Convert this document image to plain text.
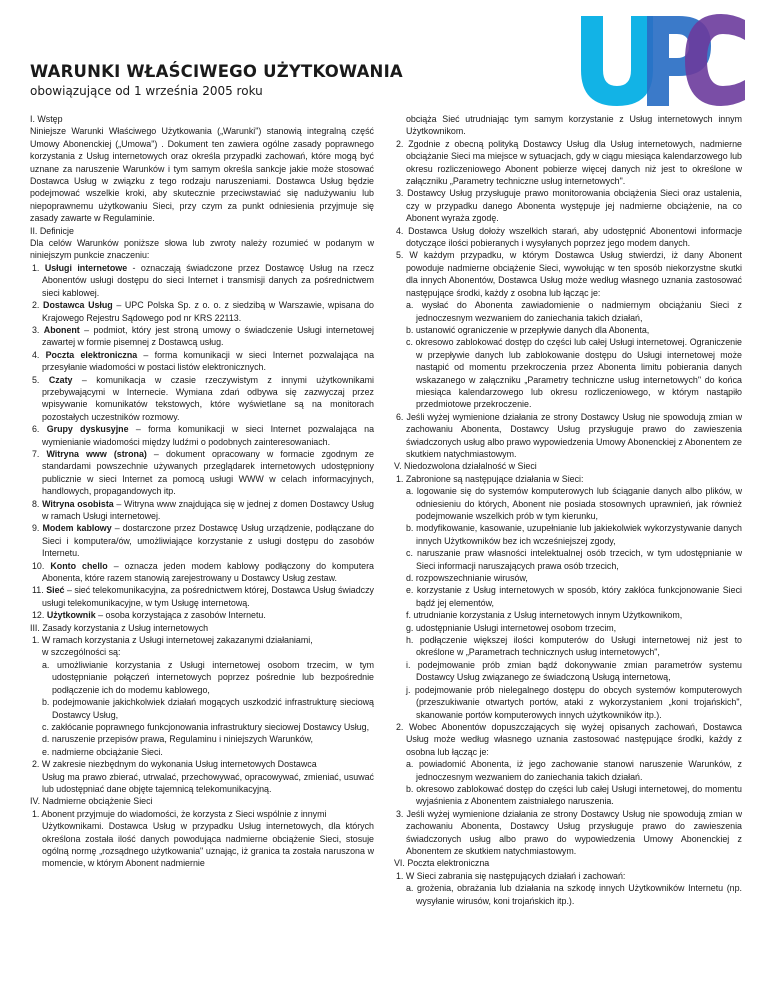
WARUNKI WŁAŚCIWEGO UŻYTKOWANIA

obowiązujące od 1 września 2005 roku

I. Wstęp

Niniejsze Warunki Właściwego Użytkowania („Warunki") stanowią integralną część Umowy Abonenckiej („Umowa") . Dokument ten zawiera ogólne zasady poprawnego korzystania z Usług internetowych oraz określa przypadki zachowań, które mogą być uznane za naruszenie Warunków i tym samym określa sankcje jakie może stosować Dostawca Usług w związku z tego rodzaju naruszeniami. Dostawca Usług będzie podejmować wszelkie kroki, aby skutecznie przeciwstawiać się nadużywaniu lub niepoprawnemu użytkowaniu Sieci, przy czym za punkt odniesienia przyjmuje się zasady zawarte w Regulaminie.

II. Definicje

Dla celów Warunków poniższe słowa lub zwroty należy rozumieć w podanym w niniejszym punkcie znaczeniu:

1. Usługi internetowe - oznaczają świadczone przez Dostawcę Usług na rzecz Abonentów usługi dostępu do sieci Internet i transmisji danych za pośrednictwem sieci kablowej.

2. Dostawca Usług – UPC Polska Sp. z o. o. z siedzibą w Warszawie, wpisana do Krajowego Rejestru Sądowego pod nr KRS 22113.

3. Abonent – podmiot, który jest stroną umowy o świadczenie Usługi internetowej zawartej w formie pisemnej z Dostawcą usług.

4. Poczta elektroniczna – forma komunikacji w sieci Internet pozwalająca na przesyłanie wiadomości w postaci listów elektronicznych.

5. Czaty – komunikacja w czasie rzeczywistym z innymi użytkownikami przebywającymi w Internecie. Wymiana zdań odbywa się zazwyczaj przez wpisywanie komunikatów tekstowych, które wyświetlane są na monitorach pozostałych uczestników rozmowy.

6. Grupy dyskusyjne – forma komunikacji w sieci Internet pozwalająca na wymienianie wiadomości między ludźmi o podobnych zainteresowaniach.

7. Witryna www (strona) – dokument opracowany w formacie zgodnym ze standardami powszechnie używanych przeglądarek internetowych udostępniony publicznie w sieci Internet za pomocą usługi WWW w celach informacyjnych, handlowych, propagandowych itp.

8. Witryna osobista – Witryna www znajdująca się w jednej z domen Dostawcy Usług w ramach Usługi internetowej.

9. Modem kablowy – dostarczone przez Dostawcę Usług urządzenie, podłączane do Sieci i komputera/ów, umożliwiające korzystanie z usługi dostępu do zasobów Internetu.

10. Konto chello – oznacza jeden modem kablowy podłączony do komputera Abonenta, które razem stanowią zarejestrowany u Dostawcy Usług zestaw.

11. Sieć – sieć telekomunikacyjna, za pośrednictwem której, Dostawca Usług świadczy usługi telekomunikacyjne, w tym Usługę internetową.

12. Użytkownik – osoba korzystająca z zasobów Internetu.

III. Zasady korzystania z Usług internetowych

1. W ramach korzystania z Usługi internetowej zakazanymi działaniami,

w szczególności są:

a. umożliwianie korzystania z Usługi internetowej osobom trzecim, w tym udostępnianie połączeń internetowych poprzez pośrednie lub bezpośrednie podłączenie ich do modemu kablowego,

b. podejmowanie jakichkolwiek działań mogących uszkodzić infrastrukturę sieciową Dostawcy Usług,

c. zakłócanie poprawnego funkcjonowania infrastruktury sieciowej Dostawcy Usług,

d. naruszenie przepisów prawa, Regulaminu i niniejszych Warunków,

e. nadmierne obciążanie Sieci.

2. W zakresie niezbędnym do wykonania Usług internetowych Dostawca

Usług ma prawo zbierać, utrwalać, przechowywać, opracowywać, zmieniać, usuwać lub udostępniać dane objęte tajemnicą telekomunikacyjną.

IV. Nadmierne obciążenie Sieci

1. Abonent przyjmuje do wiadomości, że korzysta z Sieci wspólnie z innymi

Użytkownikami. Dostawca Usług w przypadku Usług internetowych, dla których określona została ilość danych powodująca nadmierne obciążenie Sieci, stosuje ogólną normę „rozsądnego użytkowania" uznając, iż granica ta została naruszona w momencie, w którym Abonent nadmiernie

obciąża Sieć utrudniając tym samym korzystanie z Usług internetowych innym Użytkownikom.

2. Zgodnie z obecną polityką Dostawcy Usług dla Usług internetowych, nadmierne obciążanie Sieci ma miejsce w sytuacjach, gdy w ciągu miesiąca kalendarzowego lub okresu rozliczeniowego Abonent pobierze więcej danych niż jest to określone w załączniku „Parametry techniczne usług internetowych".

3. Dostawcy Usług przysługuje prawo monitorowania obciążenia Sieci oraz ustalenia, czy w przypadku danego Abonenta występuje jej nadmierne obciążenie, na co Abonent wyraża zgodę.

4. Dostawca Usług dołoży wszelkich starań, aby udostępnić Abonentowi informacje dotyczące ilości pobieranych i wysyłanych poprzez jego modem danych.

5. W każdym przypadku, w którym Dostawca Usług stwierdzi, iż dany Abonent powoduje nadmierne obciążenie Sieci, wywołując w ten sposób niekorzystne skutki dla innych Abonentów, Dostawca Usług może według własnego uznania zastosować następujące środki, każdy z osobna lub łącząc je:

a. wysłać do Abonenta zawiadomienie o nadmiernym obciążaniu Sieci z jednoczesnym wezwaniem do zaniechania takich działań,

b. ustanowić ograniczenie w przepływie danych dla Abonenta,

c. okresowo zablokować dostęp do części lub całej Usługi internetowej. Ograniczenie w przepływie danych lub zablokowanie dostępu do Usługi internetowej może nastąpić od momentu przekroczenia przez Abonenta limitu pobierania danych wskazanego w załączniku „Parametry techniczne usług internetowych" do końca miesiąca kalendarzowego lub okresu rozliczeniowego, w którym nastąpiło przedmiotowe przekroczenie.

6. Jeśli wyżej wymienione działania ze strony Dostawcy Usług nie spowodują zmian w zachowaniu Abonenta, Dostawcy Usług przysługuje prawo do zawieszenia świadczonych usług albo prawo wypowiedzenia Umowy Abonenckiej z Abonentem ze skutkiem natychmiastowym.

V. Niedozwolona działalność w Sieci

1. Zabronione są następujące działania w Sieci:

a. logowanie się do systemów komputerowych lub ściąganie danych albo plików, w odniesieniu do których, Abonent nie posiada stosownych uprawnień, jak również podejmowanie wszelkich prób w tym kierunku,

b. modyfikowanie, kasowanie, uzupełnianie lub jakiekolwiek wykorzystywanie danych innych Użytkowników bez ich wcześniejszej zgody,

c. naruszanie praw własności intelektualnej osób trzecich, w tym udostępnianie w Sieci informacji naruszających prawa osób trzecich,

d. rozpowszechnianie wirusów,

e. korzystanie z Usług internetowych w sposób, który zakłóca funkcjonowanie Sieci bądź jej elementów,

f. utrudnianie korzystania z Usług internetowych innym Użytkownikom,

g. udostępnianie Usługi internetowej osobom trzecim,

h. podłączenie większej ilości komputerów do Usługi internetowej niż jest to określone w „Parametrach technicznych usług internetowych",

i. podejmowanie prób zmian bądź dokonywanie zmian parametrów systemu Dostawcy Usług związanego ze świadczoną Usługą internetową,

j. podejmowanie prób nielegalnego dostępu do obcych systemów komputerowych (przeszukiwanie otwartych portów, ataki z wykorzystaniem „koni trojańskich", skanowanie portów komputerowych innych użytkowników itp.).

2. Wobec Abonentów dopuszczających się wyżej opisanych zachowań, Dostawca Usług może według własnego uznania zastosować następujące środki, każdy z osobna lub łącząc je:

a. powiadomić Abonenta, iż jego zachowanie stanowi naruszenie Warunków, z jednoczesnym wezwaniem do zaniechania takich działań.

b. okresowo zablokować dostęp do części lub całej Usługi internetowej, do momentu wyjaśnienia z Abonentem zaistniałego naruszenia.

3. Jeśli wyżej wymienione działania ze strony Dostawcy Usług nie spowodują zmian w zachowaniu Abonenta, Dostawcy Usług przysługuje prawo do zawieszenia świadczonych usług albo prawo do wypowiedzenia Umowy Abonenckiej z Abonentem ze skutkiem natychmiastowym.

VI. Poczta elektroniczna

1. W Sieci zabrania się następujących działań i zachowań:

a. grożenia, obrażania lub działania na szkodę innych Użytkowników Internetu (np. wysyłanie wirusów, koni trojańskich itp.).
